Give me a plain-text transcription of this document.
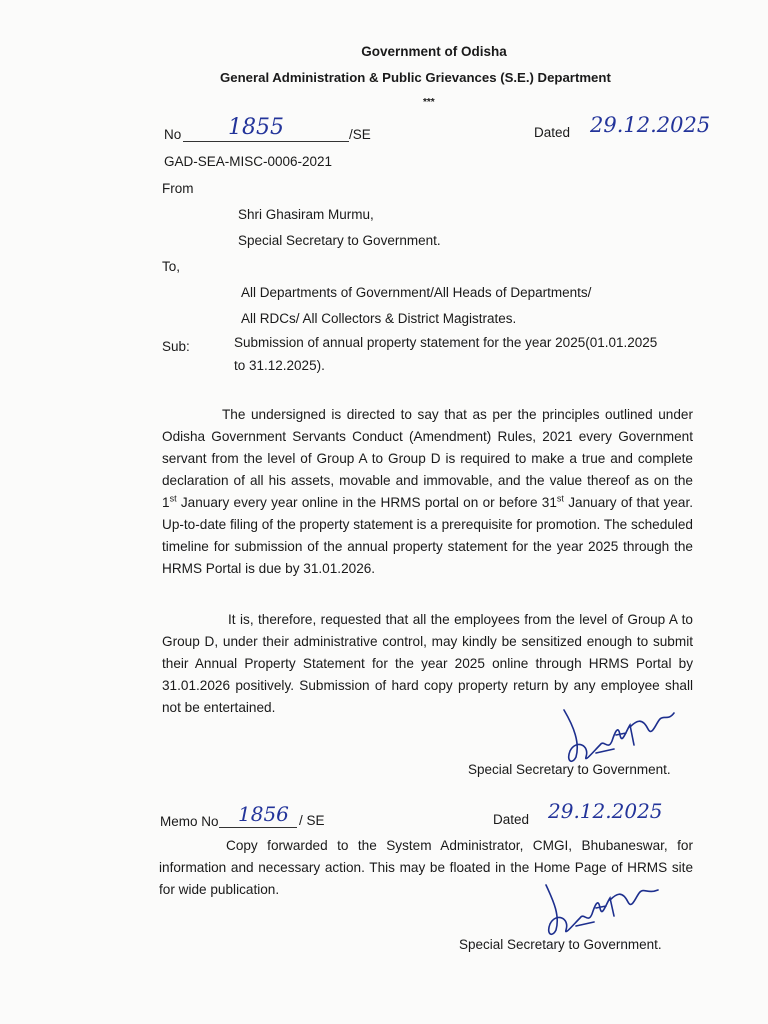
Government of Odisha
General Administration & Public Grievances (S.E.) Department
***
No 1855	/SE	Dated 29.12.2025
GAD-SEA-MISC-0006-2021
From
Shri Ghasiram Murmu,
Special Secretary to Government.
To,
All Departments of Government/All Heads of Departments/
All RDCs/ All Collectors & District Magistrates.
Sub:	Submission of annual property statement for the year 2025(01.01.2025
to 31.12.2025).
The undersigned is directed to say that as per the principles outlined under Odisha Government Servants Conduct (Amendment) Rules, 2021 every Government servant from the level of Group A to Group D is required to make a true and complete declaration of all his assets, movable and immovable, and the value thereof as on the 1st January every year online in the HRMS portal on or before 31st January of that year. Up-to-date filing of the property statement is a prerequisite for promotion. The scheduled timeline for submission of the annual property statement for the year 2025 through the HRMS Portal is due by 31.01.2026.
It is, therefore, requested that all the employees from the level of Group A to Group D, under their administrative control, may kindly be sensitized enough to submit their Annual Property Statement for the year 2025 online through HRMS Portal by 31.01.2026 positively. Submission of hard copy property return by any employee shall not be entertained.
Special Secretary to Government.
Memo No 1856 / SE	Dated 29.12.2025
Copy forwarded to the System Administrator, CMGI, Bhubaneswar, for information and necessary action. This may be floated in the Home Page of HRMS site for wide publication.
Special Secretary to Government.
